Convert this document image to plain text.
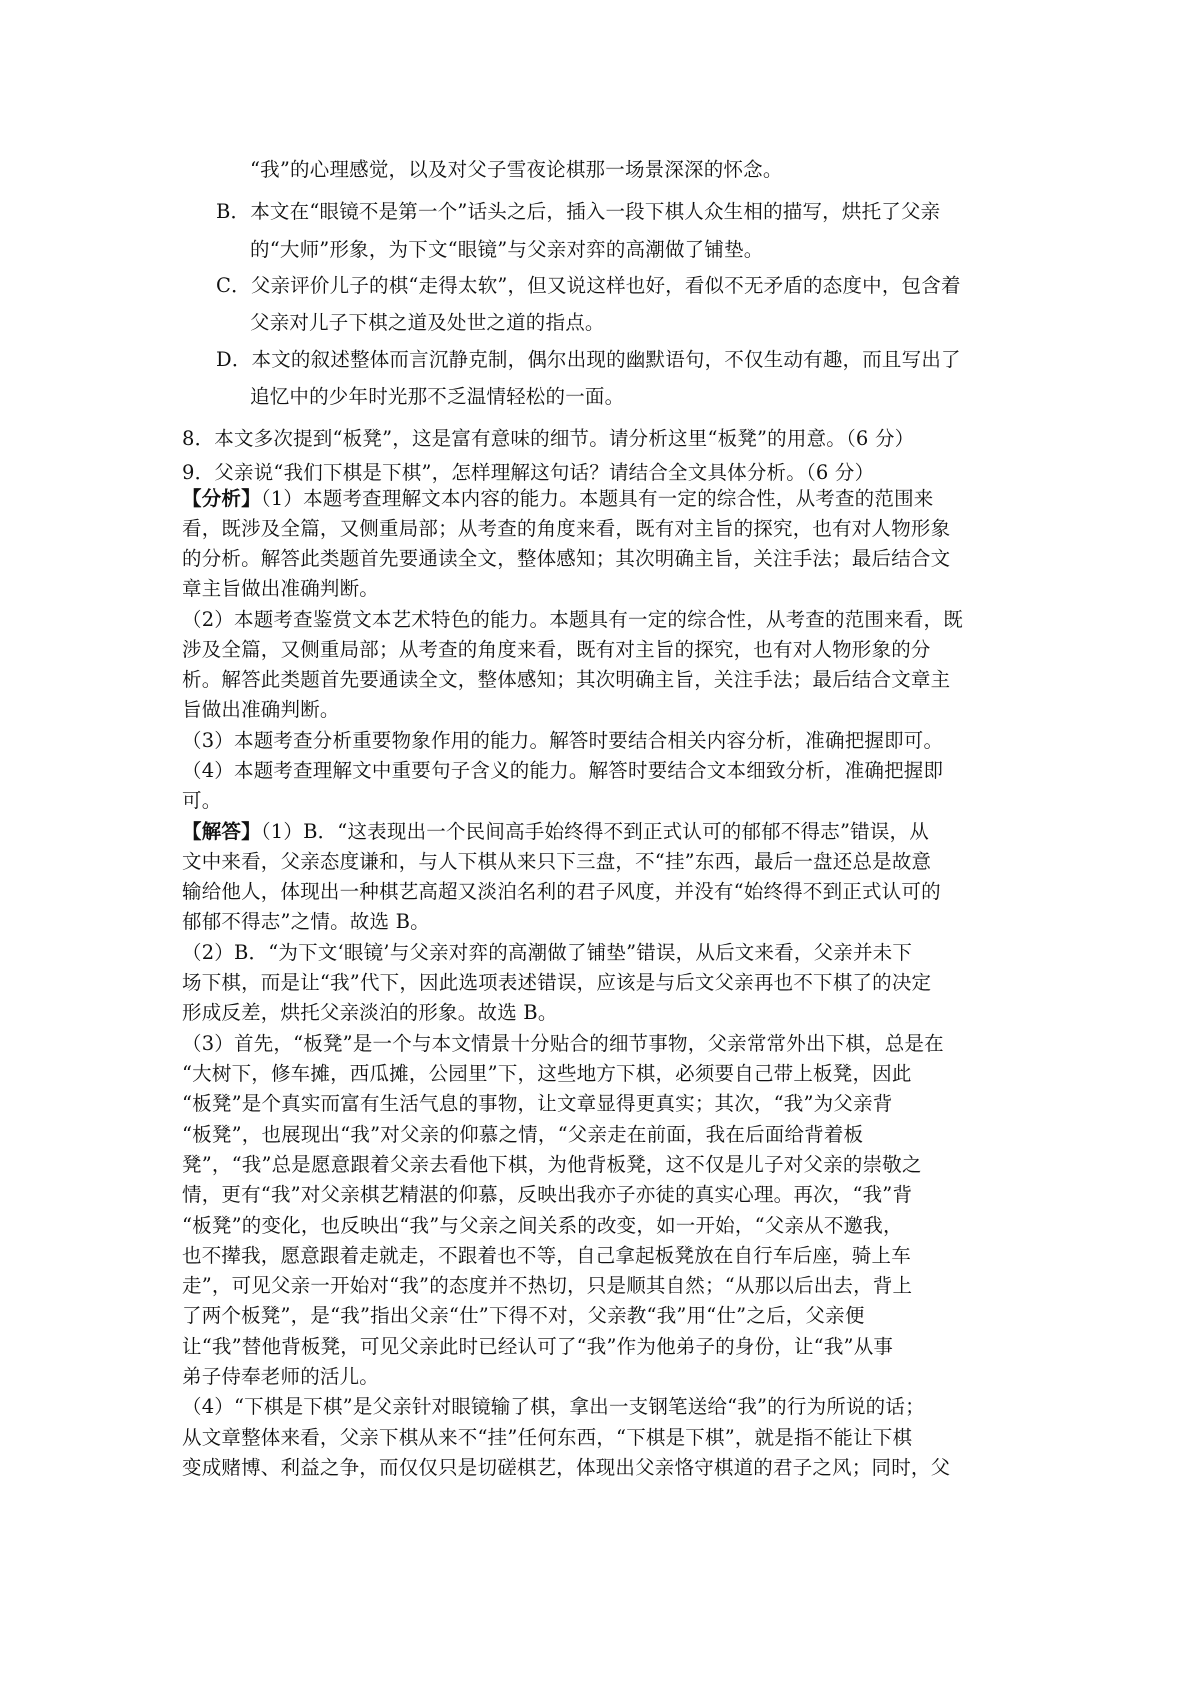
“我”的心理感觉，以及对父子雪夜论棋那一场景深深的怀念。
B．本文在“眼镜不是第一个”话头之后，插入一段下棋人众生相的描写，烘托了父亲
的“大师”形象，为下文“眼镜”与父亲对弈的高潮做了铺垫。
C．父亲评价儿子的棋“走得太软”，但又说这样也好，看似不无矛盾的态度中，包含着
父亲对儿子下棋之道及处世之道的指点。
D．本文的叙述整体而言沉静克制，偶尔出现的幽默语句，不仅生动有趣，而且写出了
追忆中的少年时光那不乏温情轻松的一面。
8．本文多次提到“板凳”，这是富有意味的细节。请分析这里“板凳”的用意。（6 分）
9．父亲说“我们下棋是下棋”，怎样理解这句话？请结合全文具体分析。（6 分）
【分析】（1）本题考查理解文本内容的能力。本题具有一定的综合性，从考查的范围来
看，既涉及全篇，又侧重局部；从考查的角度来看，既有对主旨的探究，也有对人物形象
的分析。解答此类题首先要通读全文，整体感知；其次明确主旨，关注手法；最后结合文
章主旨做出准确判断。
（2）本题考查鉴赏文本艺术特色的能力。本题具有一定的综合性，从考查的范围来看，既
涉及全篇，又侧重局部；从考查的角度来看，既有对主旨的探究，也有对人物形象的分
析。解答此类题首先要通读全文，整体感知；其次明确主旨，关注手法；最后结合文章主
旨做出准确判断。
（3）本题考查分析重要物象作用的能力。解答时要结合相关内容分析，准确把握即可。
（4）本题考查理解文中重要句子含义的能力。解答时要结合文本细致分析，准确把握即
可。
【解答】（1）B．“这表现出一个民间高手始终得不到正式认可的郁郁不得志”错误，从
文中来看，父亲态度谦和，与人下棋从来只下三盘，不“挂”东西，最后一盘还总是故意
输给他人，体现出一种棋艺高超又淡泊名利的君子风度，并没有“始终得不到正式认可的
郁郁不得志”之情。故选 B。
（2）B．“为下文‘眼镜’与父亲对弈的高潮做了铺垫”错误，从后文来看，父亲并未下
场下棋，而是让“我”代下，因此选项表述错误，应该是与后文父亲再也不下棋了的决定
形成反差，烘托父亲淡泊的形象。故选 B。
（3）首先，“板凳”是一个与本文情景十分贴合的细节事物，父亲常常外出下棋，总是在
“大树下，修车摊，西瓜摊，公园里”下，这些地方下棋，必须要自己带上板凳，因此
“板凳”是个真实而富有生活气息的事物，让文章显得更真实；其次，“我”为父亲背
“板凳”，也展现出“我”对父亲的仰慕之情，“父亲走在前面，我在后面给背着板
凳”，“我”总是愿意跟着父亲去看他下棋，为他背板凳，这不仅是儿子对父亲的崇敬之
情，更有“我”对父亲棋艺精湛的仰慕，反映出我亦子亦徒的真实心理。再次，“我”背
“板凳”的变化，也反映出“我”与父亲之间关系的改变，如一开始，“父亲从不邀我，
也不撵我，愿意跟着走就走，不跟着也不等，自己拿起板凳放在自行车后座，骑上车
走”，可见父亲一开始对“我”的态度并不热切，只是顺其自然；“从那以后出去，背上
了两个板凳”，是“我”指出父亲“仕”下得不对，父亲教“我”用“仕”之后，父亲便
让“我”替他背板凳，可见父亲此时已经认可了“我”作为他弟子的身份，让“我”从事
弟子侍奉老师的活儿。
（4）“下棋是下棋”是父亲针对眼镜输了棋，拿出一支钢笔送给“我”的行为所说的话；
从文章整体来看，父亲下棋从来不“挂”任何东西，“下棋是下棋”，就是指不能让下棋
变成赌博、利益之争，而仅仅只是切磋棋艺，体现出父亲恪守棋道的君子之风；同时，父
